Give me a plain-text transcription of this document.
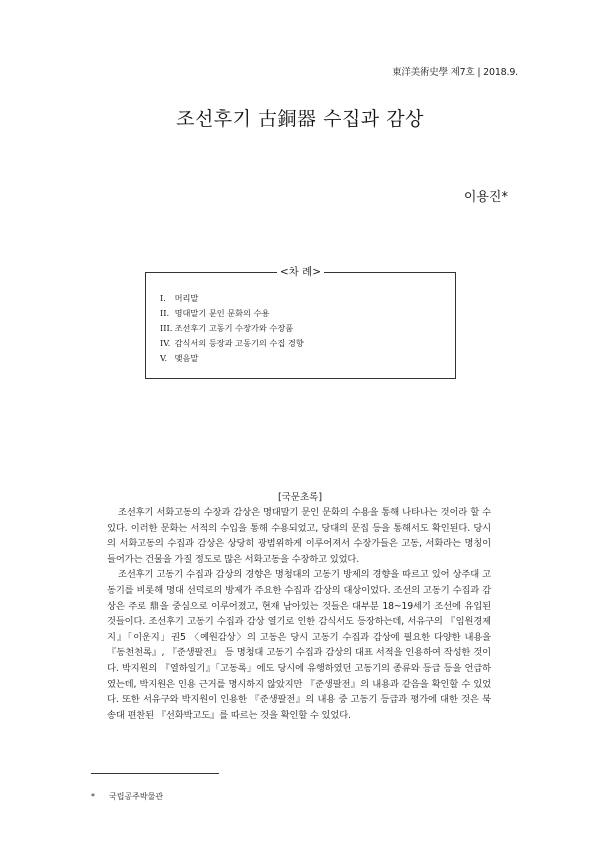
東洋美術史學 제7호 | 2018.9.
조선후기 古銅器 수집과 감상
이용진*
<차 례>
I. 머리말
II. 명대말기 문인 문화의 수용
III. 조선후기 고동기 수장가와 수장품
IV. 감식서의 등장과 고동기의 수집 경향
V. 맺음말
[국문초록]

조선후기 서화고동의 수장과 감상은 명대말기 문인 문화의 수용을 통해 나타나는 것이라 할 수 있다. 이러한 문화는 서적의 수입을 통해 수용되었고, 당대의 문집 등을 통해서도 확인된다. 당시의 서화고동의 수집과 감상은 상당히 광범위하게 이루어져서 수장가들은 고동, 서화라는 명칭이 들어가는 건물을 가질 정도로 많은 서화고동을 수장하고 있었다.

조선후기 고동기 수집과 감상의 경향은 명청대의 고동기 방제의 경향을 따르고 있어 상주대 고동기를 비롯해 명대 선덕로의 방제가 주요한 수집과 감상의 대상이었다. 조선의 고동기 수집과 감상은 주로 鼎을 중심으로 이루어졌고, 현재 남아있는 것들은 대부분 18~19세기 조선에 유입된 것들이다. 조선후기 고동기 수집과 감상 열기로 인한 감식서도 등장하는데, 서유구의 『임원경제지』「이운지」권5 〈예원감상〉의 고동은 당시 고동기 수집과 감상에 필요한 다양한 내용을 『동천천록』, 『준생팔전』 등 명청대 고동기 수집과 감상의 대표 서적을 인용하여 작성한 것이다. 박지원의 『열하일기』「고동록」에도 당시에 유행하였던 고동기의 종류와 등급 등을 언급하였는데, 박지원은 인용 근거를 명시하지 않았지만 『준생팔전』의 내용과 같음을 확인할 수 있었다. 또한 서유구와 박지원이 인용한 『준생팔전』의 내용 중 고동기 등급과 평가에 대한 것은 북송대 편찬된 『선화박고도』를 따르는 것을 확인할 수 있었다.

* 국립공주박물관
